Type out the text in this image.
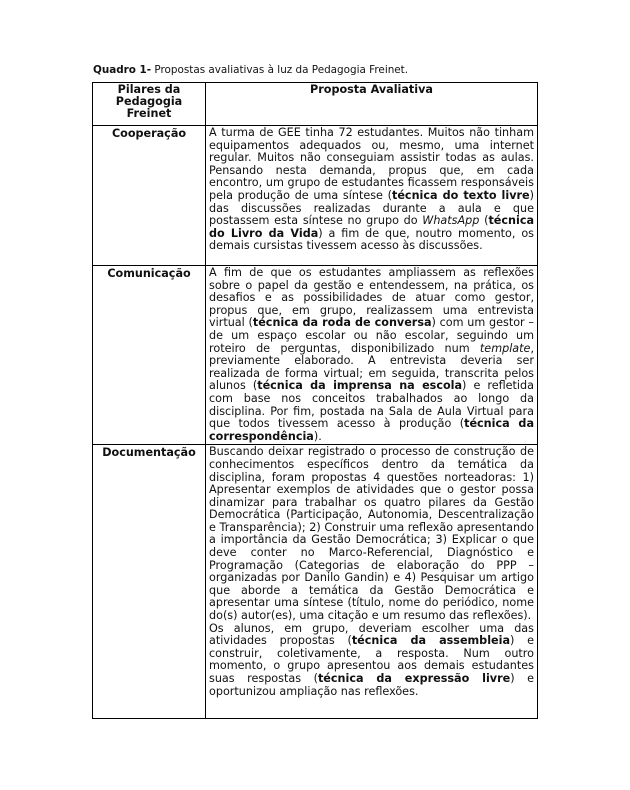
Quadro 1- Propostas avaliativas à luz da Pedagogia Freinet.
Pilares da Pedagogia Freinet	Proposta Avaliativa
Cooperação	A turma de GEE tinha 72 estudantes. Muitos não tinham equipamentos adequados ou, mesmo, uma internet regular. Muitos não conseguiam assistir todas as aulas. Pensando nesta demanda, propus que, em cada encontro, um grupo de estudantes ficassem responsáveis pela produção de uma síntese (técnica do texto livre) das discussões realizadas durante a aula e que postassem esta síntese no grupo do WhatsApp (técnica do Livro da Vida) a fim de que, noutro momento, os demais cursistas tivessem acesso às discussões.
Comunicação	A fim de que os estudantes ampliassem as reflexões sobre o papel da gestão e entendessem, na prática, os desafios e as possibilidades de atuar como gestor, propus que, em grupo, realizassem uma entrevista virtual (técnica da roda de conversa) com um gestor – de um espaço escolar ou não escolar, seguindo um roteiro de perguntas, disponibilizado num template, previamente elaborado. A entrevista deveria ser realizada de forma virtual; em seguida, transcrita pelos alunos (técnica da imprensa na escola) e refletida com base nos conceitos trabalhados ao longo da disciplina. Por fim, postada na Sala de Aula Virtual para que todos tivessem acesso à produção (técnica da correspondência).
Documentação	Buscando deixar registrado o processo de construção de conhecimentos específicos dentro da temática da disciplina, foram propostas 4 questões norteadoras: 1) Apresentar exemplos de atividades que o gestor possa dinamizar para trabalhar os quatro pilares da Gestão Democrática (Participação, Autonomia, Descentralização e Transparência); 2) Construir uma reflexão apresentando a importância da Gestão Democrática; 3) Explicar o que deve conter no Marco-Referencial, Diagnóstico e Programação (Categorias de elaboração do PPP – organizadas por Danilo Gandin) e 4) Pesquisar um artigo que aborde a temática da Gestão Democrática e apresentar uma síntese (título, nome do periódico, nome do(s) autor(es), uma citação e um resumo das reflexões).
Os alunos, em grupo, deveriam escolher uma das atividades propostas (técnica da assembleia) e construir, coletivamente, a resposta. Num outro momento, o grupo apresentou aos demais estudantes suas respostas (técnica da expressão livre) e oportunizou ampliação nas reflexões.
